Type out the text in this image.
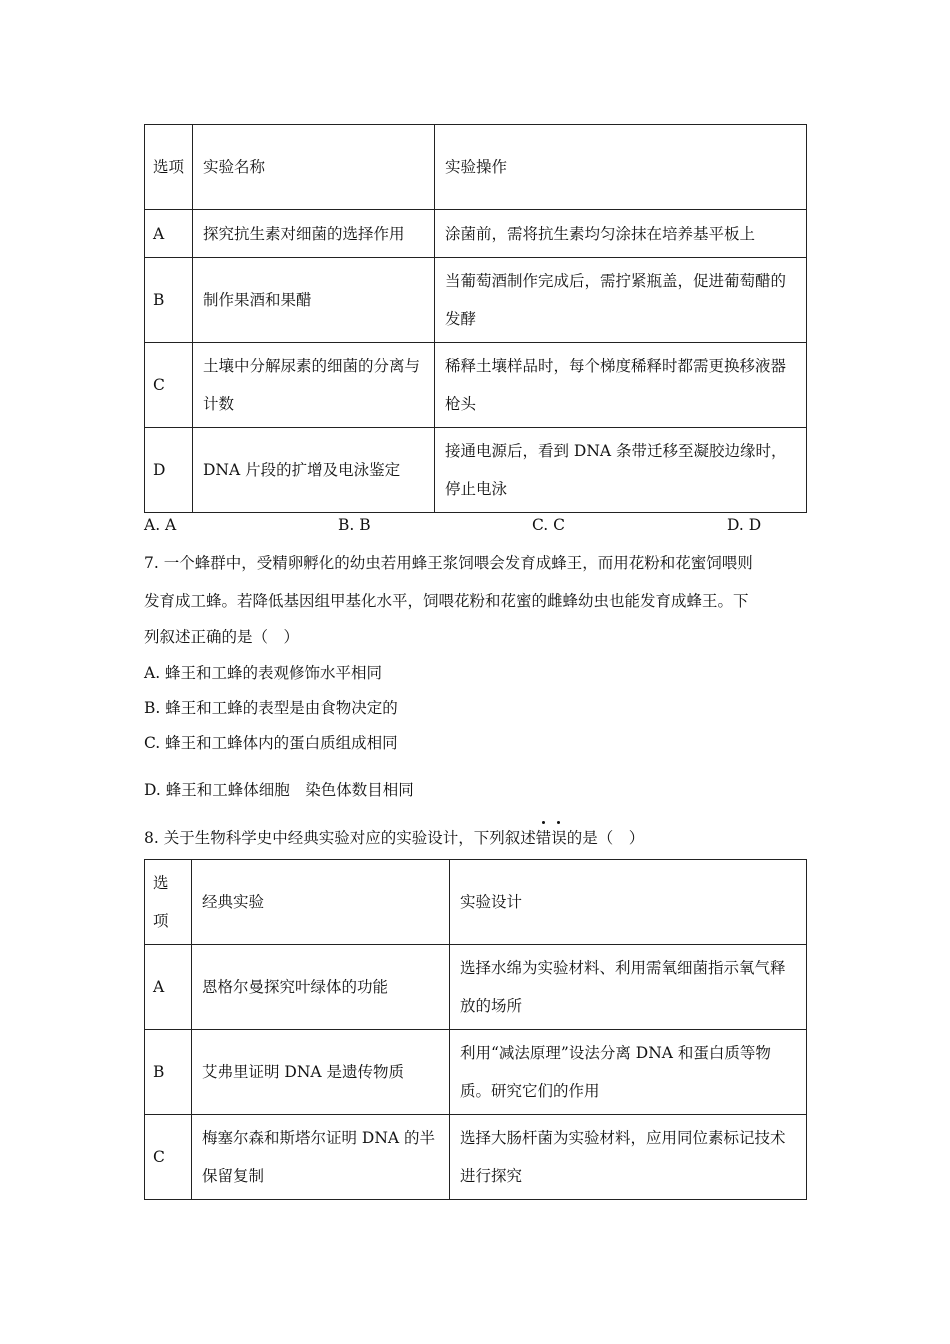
选项	实验名称	实验操作
A	探究抗生素对细菌的选择作用	涂菌前，需将抗生素均匀涂抹在培养基平板上
B	制作果酒和果醋	当葡萄酒制作完成后，需拧紧瓶盖，促进葡萄醋的发酵
C	土壤中分解尿素的细菌的分离与计数	稀释土壤样品时，每个梯度稀释时都需更换移液器枪头
D	DNA 片段的扩增及电泳鉴定	接通电源后，看到 DNA 条带迁移至凝胶边缘时，停止电泳
A. A	B. B	C. C	D. D
7. 一个蜂群中，受精卵孵化的幼虫若用蜂王浆饲喂会发育成蜂王，而用花粉和花蜜饲喂则
发育成工蜂。若降低基因组甲基化水平，饲喂花粉和花蜜的雌蜂幼虫也能发育成蜂王。下
列叙述正确的是（　）
A. 蜂王和工蜂的表观修饰水平相同
B. 蜂王和工蜂的表型是由食物决定的
C. 蜂王和工蜂体内的蛋白质组成相同
D. 蜂王和工蜂体细胞　染色体数目相同
8. 关于生物科学史中经典实验对应的实验设计，下列叙述错误的是（　）
选项	经典实验	实验设计
A	恩格尔曼探究叶绿体的功能	选择水绵为实验材料、利用需氧细菌指示氧气释放的场所
B	艾弗里证明 DNA 是遗传物质	利用“减法原理”设法分离 DNA 和蛋白质等物质。研究它们的作用
C	梅塞尔森和斯塔尔证明 DNA 的半保留复制	选择大肠杆菌为实验材料，应用同位素标记技术进行探究
